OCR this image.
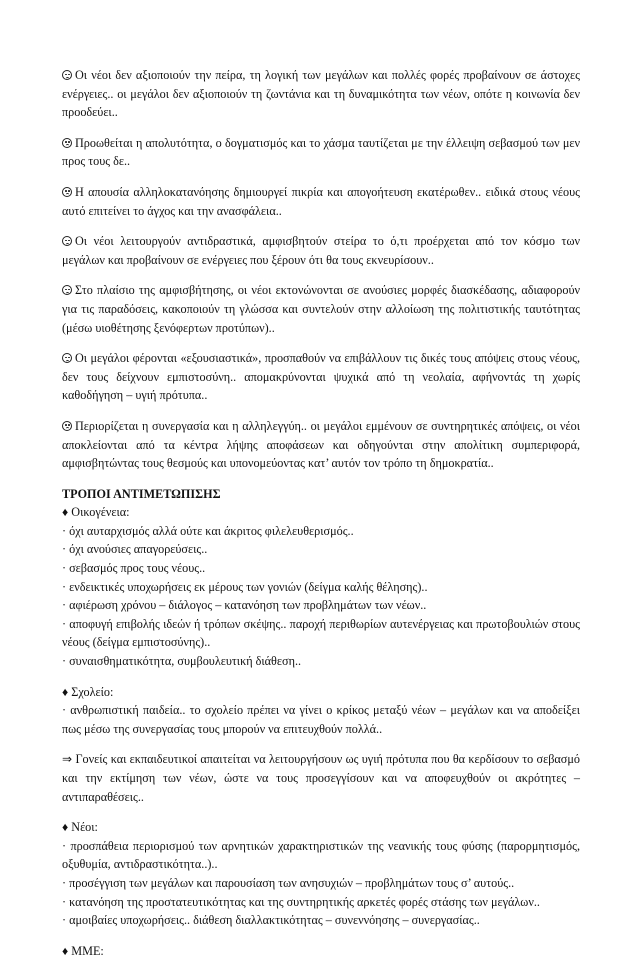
Οι νέοι δεν αξιοποιούν την πείρα, τη λογική των μεγάλων και πολλές φορές προβαίνουν σε άστοχες ενέργειες.. οι μεγάλοι δεν αξιοποιούν τη ζωντάνια και τη δυναμικότητα των νέων, οπότε η κοινωνία δεν προοδεύει..

Προωθείται η απολυτότητα, ο δογματισμός και το χάσμα ταυτίζεται με την έλλειψη σεβασμού των μεν προς τους δε..

Η απουσία αλληλοκατανόησης δημιουργεί πικρία και απογοήτευση εκατέρωθεν.. ειδικά στους νέους αυτό επιτείνει το άγχος και την ανασφάλεια..

Οι νέοι λειτουργούν αντιδραστικά, αμφισβητούν στείρα το ό,τι προέρχεται από τον κόσμο των μεγάλων και προβαίνουν σε ενέργειες που ξέρουν ότι θα τους εκνευρίσουν..

Στο πλαίσιο της αμφισβήτησης, οι νέοι εκτονώνονται σε ανούσιες μορφές διασκέδασης, αδιαφορούν για τις παραδόσεις, κακοποιούν τη γλώσσα και συντελούν στην αλλοίωση της πολιτιστικής ταυτότητας (μέσω υιοθέτησης ξενόφερτων προτύπων)..

Οι μεγάλοι φέρονται «εξουσιαστικά», προσπαθούν να επιβάλλουν τις δικές τους απόψεις στους νέους, δεν τους δείχνουν εμπιστοσύνη.. απομακρύνονται ψυχικά από τη νεολαία, αφήνοντάς τη χωρίς καθοδήγηση – υγιή πρότυπα..

Περιορίζεται η συνεργασία και η αλληλεγγύη.. οι μεγάλοι εμμένουν σε συντηρητικές απόψεις, οι νέοι αποκλείονται από τα κέντρα λήψης αποφάσεων και οδηγούνται στην απολίτικη συμπεριφορά, αμφισβητώντας τους θεσμούς και υπονομεύοντας κατ’ αυτόν τον τρόπο τη δημοκρατία..

ΤΡΟΠΟΙ ΑΝΤΙΜΕΤΩΠΙΣΗΣ

♦ Οικογένεια:

· όχι αυταρχισμός αλλά ούτε και άκριτος φιλελευθερισμός..

· όχι ανούσιες απαγορεύσεις..

· σεβασμός προς τους νέους..

· ενδεικτικές υποχωρήσεις εκ μέρους των γονιών (δείγμα καλής θέλησης)..

· αφιέρωση χρόνου – διάλογος – κατανόηση των προβλημάτων των νέων..

· αποφυγή επιβολής ιδεών ή τρόπων σκέψης.. παροχή περιθωρίων αυτενέργειας και πρωτοβουλιών στους νέους (δείγμα εμπιστοσύνης)..

· συναισθηματικότητα, συμβουλευτική διάθεση..

♦ Σχολείο:

· ανθρωπιστική παιδεία.. το σχολείο πρέπει να γίνει ο κρίκος μεταξύ νέων – μεγάλων και να αποδείξει πως μέσω της συνεργασίας τους μπορούν να επιτευχθούν πολλά..

⇒ Γονείς και εκπαιδευτικοί απαιτείται να λειτουργήσουν ως υγιή πρότυπα που θα κερδίσουν το σεβασμό και την εκτίμηση των νέων, ώστε να τους προσεγγίσουν και να αποφευχθούν οι ακρότητες – αντιπαραθέσεις..

♦ Νέοι:

· προσπάθεια περιορισμού των αρνητικών χαρακτηριστικών της νεανικής τους φύσης (παρορμητισμός, οξυθυμία, αντιδραστικότητα..)..

· προσέγγιση των μεγάλων και παρουσίαση των ανησυχιών – προβλημάτων τους σ’ αυτούς..

· κατανόηση της προστατευτικότητας και της συντηρητικής αρκετές φορές στάσης των μεγάλων..

· αμοιβαίες υποχωρήσεις.. διάθεση διαλλακτικότητας – συνεννόησης – συνεργασίας..

♦ ΜΜΕ:
